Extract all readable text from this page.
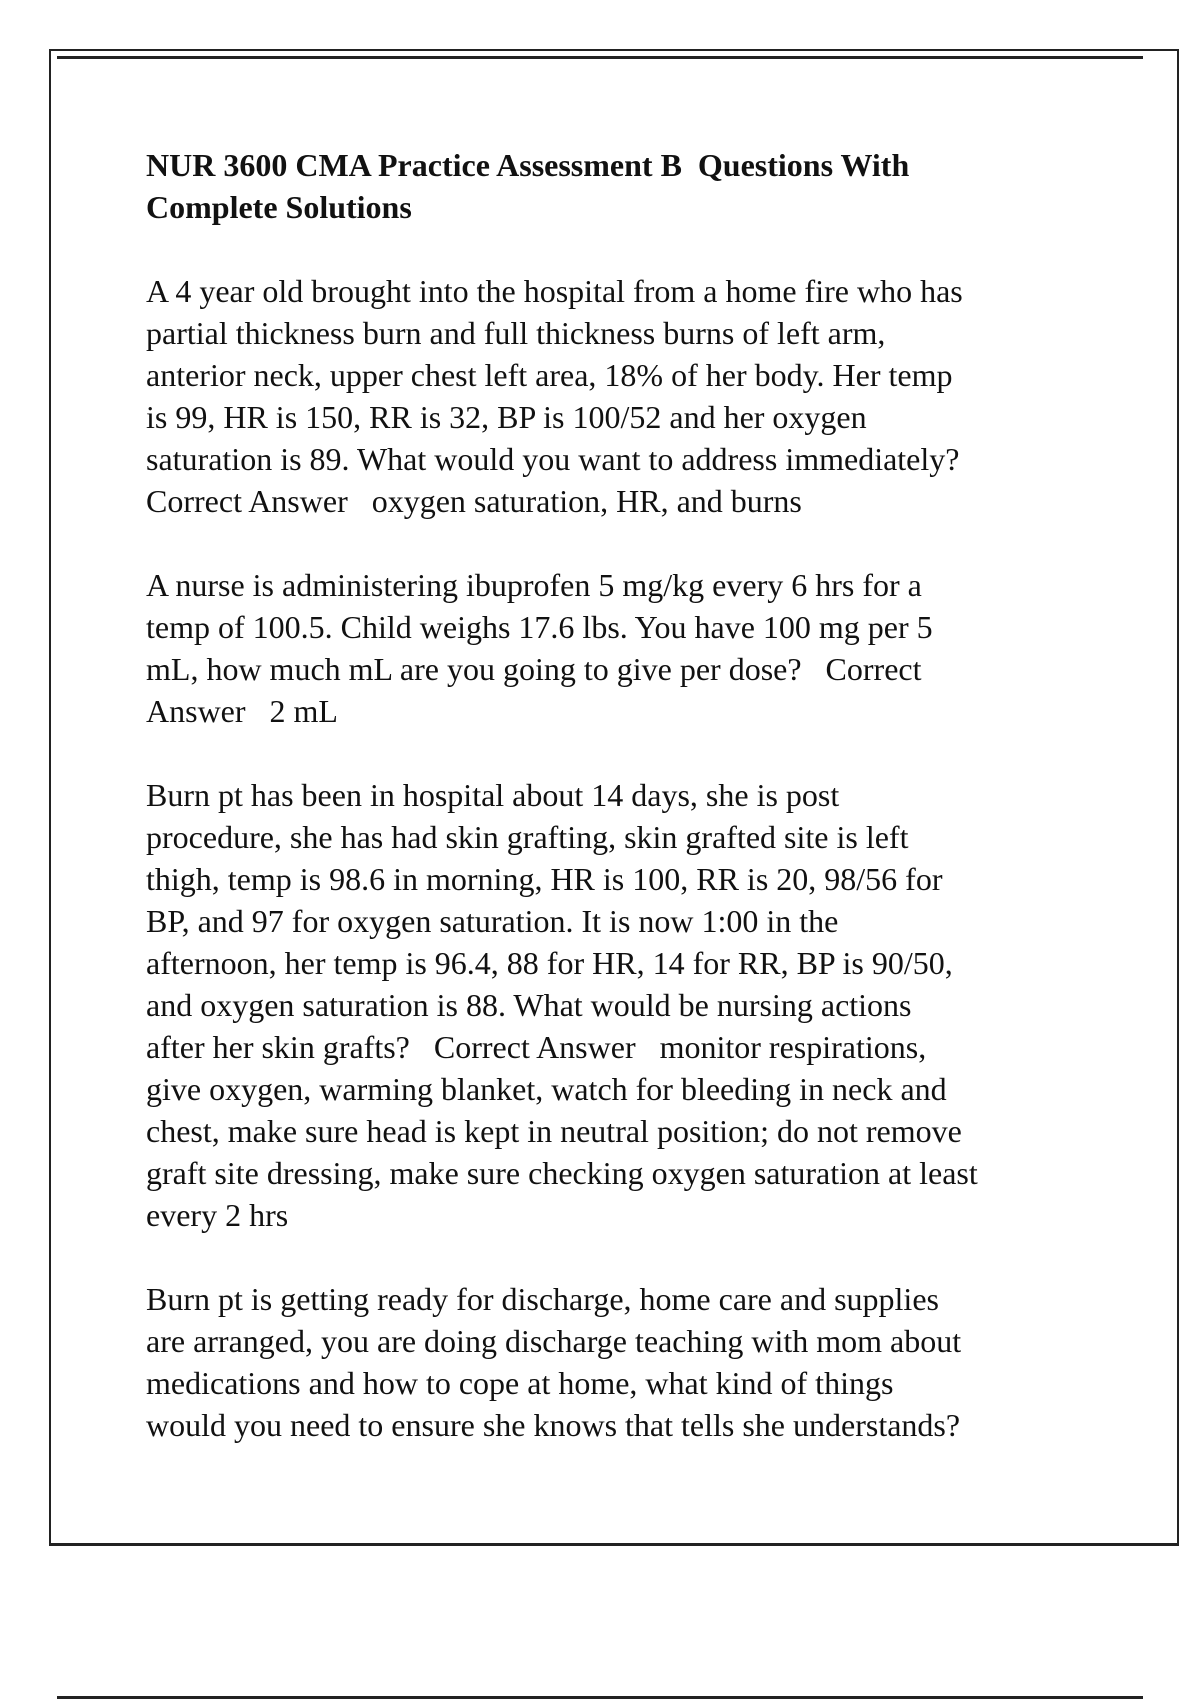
NUR 3600 CMA Practice Assessment B  Questions With
Complete Solutions
A 4 year old brought into the hospital from a home fire who has
partial thickness burn and full thickness burns of left arm,
anterior neck, upper chest left area, 18% of her body. Her temp
is 99, HR is 150, RR is 32, BP is 100/52 and her oxygen
saturation is 89. What would you want to address immediately?
Correct Answer   oxygen saturation, HR, and burns
A nurse is administering ibuprofen 5 mg/kg every 6 hrs for a
temp of 100.5. Child weighs 17.6 lbs. You have 100 mg per 5
mL, how much mL are you going to give per dose?   Correct
Answer   2 mL
Burn pt has been in hospital about 14 days, she is post
procedure, she has had skin grafting, skin grafted site is left
thigh, temp is 98.6 in morning, HR is 100, RR is 20, 98/56 for
BP, and 97 for oxygen saturation. It is now 1:00 in the
afternoon, her temp is 96.4, 88 for HR, 14 for RR, BP is 90/50,
and oxygen saturation is 88. What would be nursing actions
after her skin grafts?   Correct Answer   monitor respirations,
give oxygen, warming blanket, watch for bleeding in neck and
chest, make sure head is kept in neutral position; do not remove
graft site dressing, make sure checking oxygen saturation at least
every 2 hrs
Burn pt is getting ready for discharge, home care and supplies
are arranged, you are doing discharge teaching with mom about
medications and how to cope at home, what kind of things
would you need to ensure she knows that tells she understands?
